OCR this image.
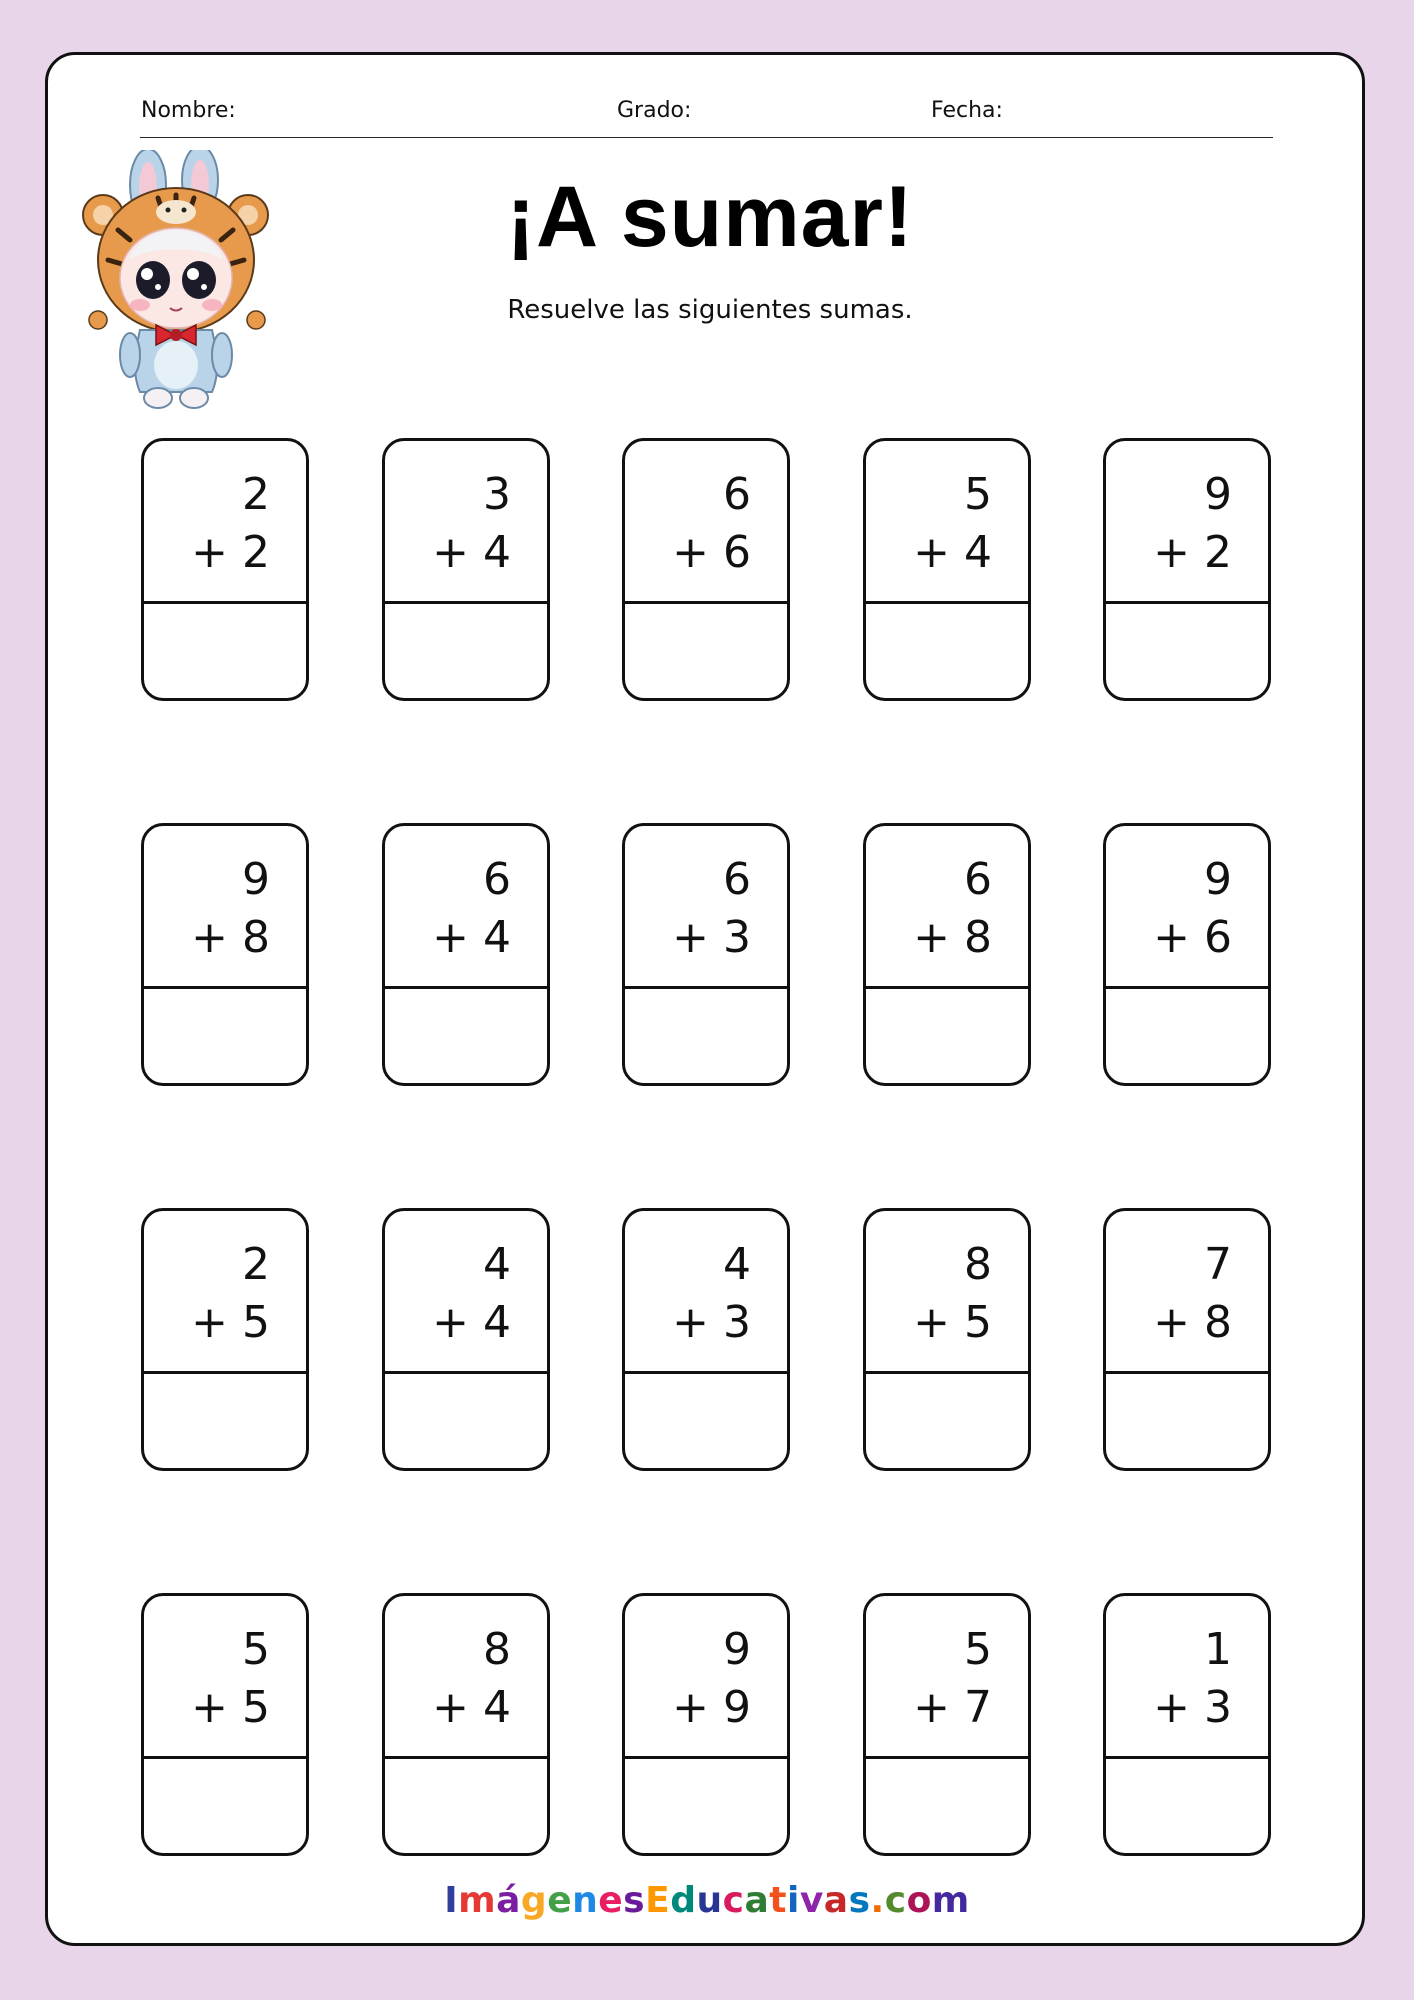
Nombre:	Grado:	Fecha:
¡A sumar!
Resuelve las siguientes sumas.
2
+ 2
3
+ 4
6
+ 6
5
+ 4
9
+ 2
9
+ 8
6
+ 4
6
+ 3
6
+ 8
9
+ 6
2
+ 5
4
+ 4
4
+ 3
8
+ 5
7
+ 8
5
+ 5
8
+ 4
9
+ 9
5
+ 7
1
+ 3
ImágenesEducativas.com
